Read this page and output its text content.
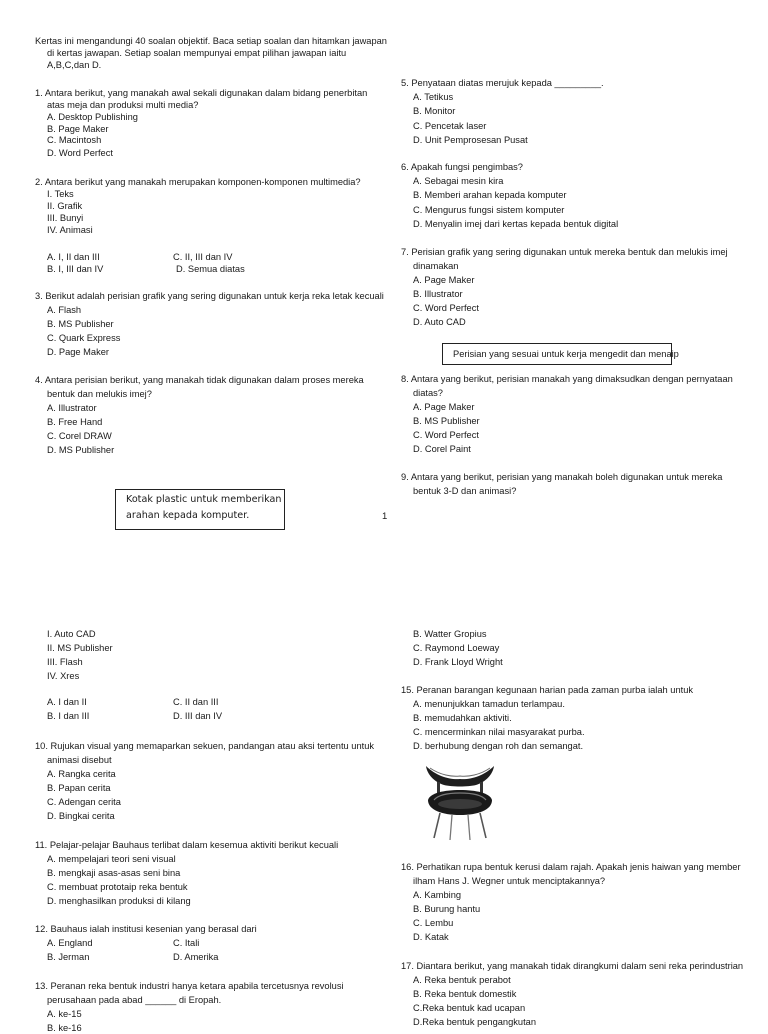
Kertas ini mengandungi 40 soalan objektif. Baca setiap soalan dan hitamkan jawapan
di kertas jawapan. Setiap soalan mempunyai empat pilihan jawapan iaitu
A,B,C,dan D.
1. Antara berikut, yang manakah awal sekali digunakan dalam bidang penerbitan
atas meja dan produksi multi media?
A. Desktop Publishing
B. Page Maker
C. Macintosh
D. Word Perfect
2. Antara berikut yang manakah merupakan komponen-komponen multimedia?
I. Teks
II. Grafik
III. Bunyi
IV. Animasi
A. I, II dan III	C. II, III dan IV
B. I, III dan IV	D. Semua diatas
3. Berikut adalah perisian grafik yang sering digunakan untuk kerja reka letak kecuali
A. Flash
B. MS Publisher
C. Quark Express
D. Page Maker
4. Antara perisian berikut, yang manakah tidak digunakan dalam proses mereka
bentuk dan melukis imej?
A. Illustrator
B. Free Hand
C. Corel DRAW
D. MS Publisher
Kotak plastic untuk memberikan
arahan kepada komputer.
5. Penyataan diatas merujuk kepada _________.
A. Tetikus
B. Monitor
C. Pencetak laser
D. Unit Pemprosesan Pusat
6. Apakah fungsi pengimbas?
A. Sebagai mesin kira
B. Memberi arahan kepada komputer
C. Mengurus fungsi sistem komputer
D. Menyalin imej dari kertas kepada bentuk digital
7. Perisian grafik yang sering digunakan untuk mereka bentuk dan melukis imej
dinamakan
A. Page Maker
B. Illustrator
C. Word Perfect
D. Auto CAD
Perisian yang sesuai untuk kerja mengedit dan menaip
8. Antara yang berikut, perisian manakah yang dimaksudkan dengan pernyataan
diatas?
A. Page Maker
B. MS Publisher
C. Word Perfect
D. Corel Paint
9. Antara yang berikut, perisian yang manakah boleh digunakan untuk mereka
bentuk 3-D dan animasi?
1
I. Auto CAD
II. MS Publisher
III. Flash
IV. Xres
A. I dan II	C. II dan III
B. I dan III	D. III dan IV
10. Rujukan visual yang memaparkan sekuen, pandangan atau aksi tertentu untuk
animasi disebut
A. Rangka cerita
B. Papan cerita
C. Adengan cerita
D. Bingkai cerita
11. Pelajar-pelajar Bauhaus terlibat dalam kesemua aktiviti berikut kecuali
A. mempelajari teori seni visual
B. mengkaji asas-asas seni bina
C. membuat prototaip reka bentuk
D. menghasilkan produksi di kilang
12. Bauhaus ialah institusi kesenian yang berasal dari
A. England	C. Itali
B. Jerman	D. Amerika
13. Peranan reka bentuk industri hanya ketara apabila tercetusnya revolusi
perusahaan pada abad ______ di Eropah.
A. ke-15
B. ke-16
B. Watter Gropius
C. Raymond Loeway
D. Frank Lloyd Wright
15. Peranan barangan kegunaan harian pada zaman purba ialah untuk
A. menunjukkan tamadun terlampau.
B. memudahkan aktiviti.
C. mencerminkan nilai masyarakat purba.
D. berhubung dengan roh dan semangat.
16. Perhatikan rupa bentuk kerusi dalam rajah. Apakah jenis haiwan yang member
ilham Hans J. Wegner untuk menciptakannya?
A. Kambing
B. Burung hantu
C. Lembu
D. Katak
17. Diantara berikut, yang manakah tidak dirangkumi dalam seni reka perindustrian
A. Reka bentuk perabot
B. Reka bentuk domestik
C.Reka bentuk kad ucapan
D.Reka bentuk pengangkutan
